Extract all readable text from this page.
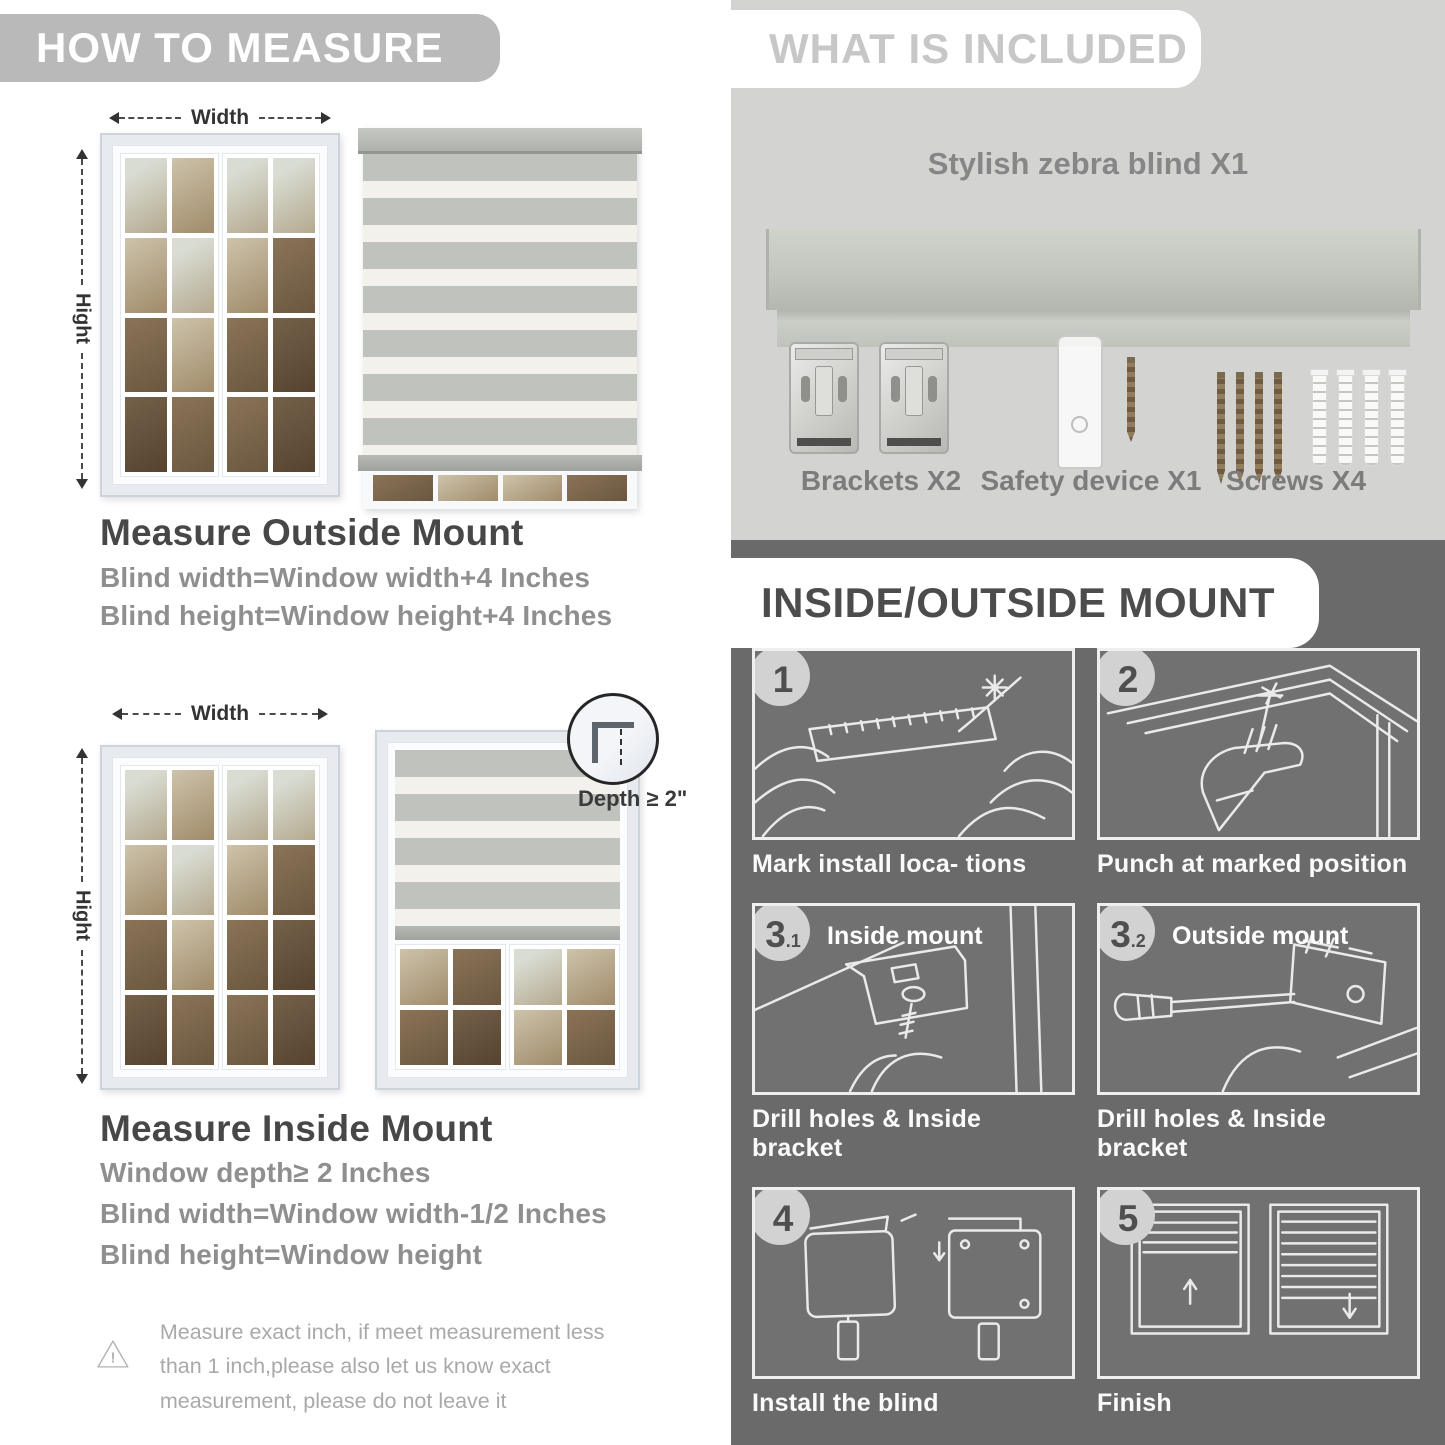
HOW TO MEASURE
Width
Hight
Measure Outside Mount
Blind width=Window width+4 Inches
Blind height=Window height+4 Inches
Width
Hight
Depth ≥ 2"
Measure Inside Mount
Window depth≥ 2 Inches
Blind width=Window width-1/2 Inches
Blind height=Window height
!

Measure exact inch, if meet measurement less than 1 inch,please also let us know exact measurement, please do not leave it

WHAT IS INCLUDED
Stylish zebra blind X1
Brackets X2 Safety device X1 Screws X4
INSIDE/OUTSIDE MOUNT
1
Mark install loca- tions
2
Punch at marked position
3 .1 Inside mount
Drill holes & Inside bracket
3 .2 Outside mount
Drill holes & Inside bracket
4
Install the blind
5
Finish
